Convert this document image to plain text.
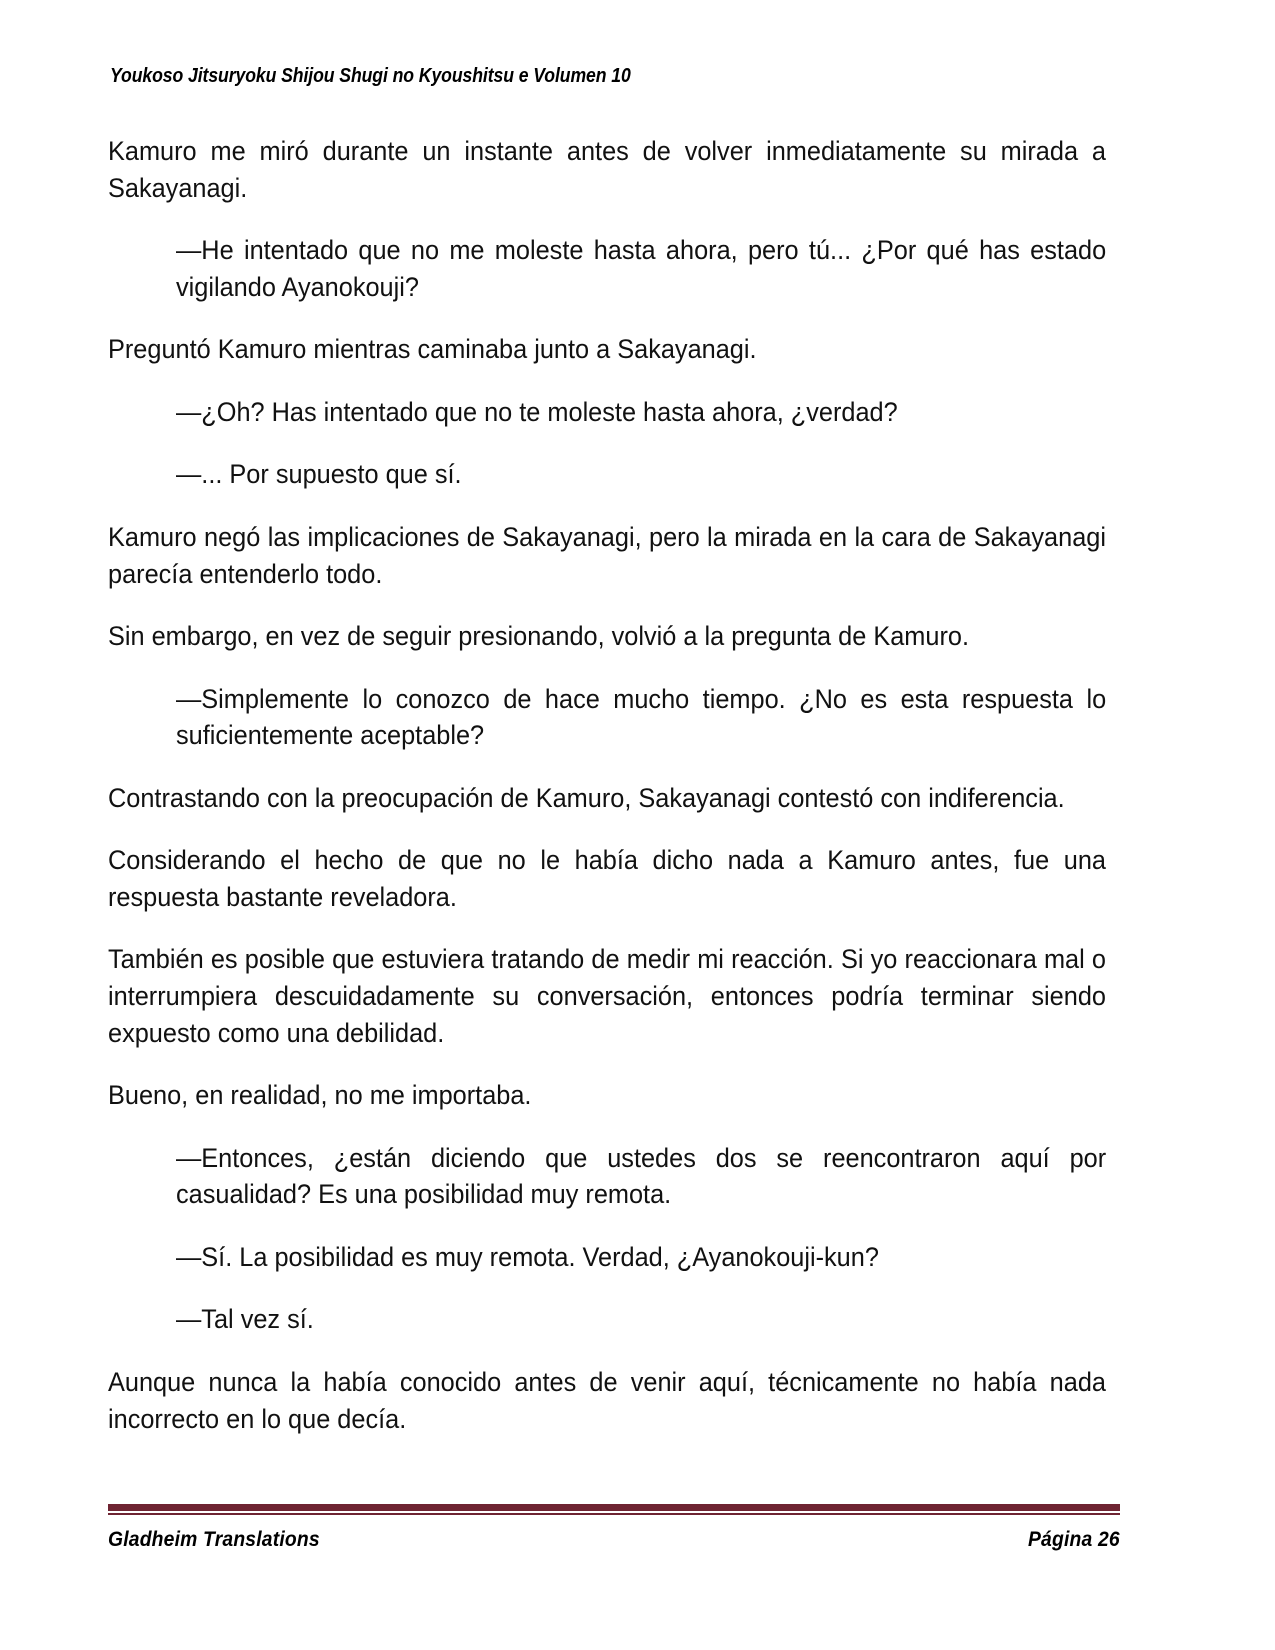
Youkoso Jitsuryoku Shijou Shugi no Kyoushitsu e Volumen 10

Kamuro me miró durante un instante antes de volver inmediatamente su mirada a Sakayanagi.

—He intentado que no me moleste hasta ahora, pero tú... ¿Por qué has estado vigilando Ayanokouji?

Preguntó Kamuro mientras caminaba junto a Sakayanagi.

—¿Oh? Has intentado que no te moleste hasta ahora, ¿verdad?

—... Por supuesto que sí.

Kamuro negó las implicaciones de Sakayanagi, pero la mirada en la cara de Sakayanagi parecía entenderlo todo.

Sin embargo, en vez de seguir presionando, volvió a la pregunta de Kamuro.

—Simplemente lo conozco de hace mucho tiempo. ¿No es esta respuesta lo suficientemente aceptable?

Contrastando con la preocupación de Kamuro, Sakayanagi contestó con indiferencia.

Considerando el hecho de que no le había dicho nada a Kamuro antes, fue una respuesta bastante reveladora.

También es posible que estuviera tratando de medir mi reacción. Si yo reaccionara mal o interrumpiera descuidadamente su conversación, entonces podría terminar siendo expuesto como una debilidad.

Bueno, en realidad, no me importaba.

—Entonces, ¿están diciendo que ustedes dos se reencontraron aquí por casualidad? Es una posibilidad muy remota.

—Sí. La posibilidad es muy remota. Verdad, ¿Ayanokouji-kun?

—Tal vez sí.

Aunque nunca la había conocido antes de venir aquí, técnicamente no había nada incorrecto en lo que decía.

Gladheim Translations	Página 26
